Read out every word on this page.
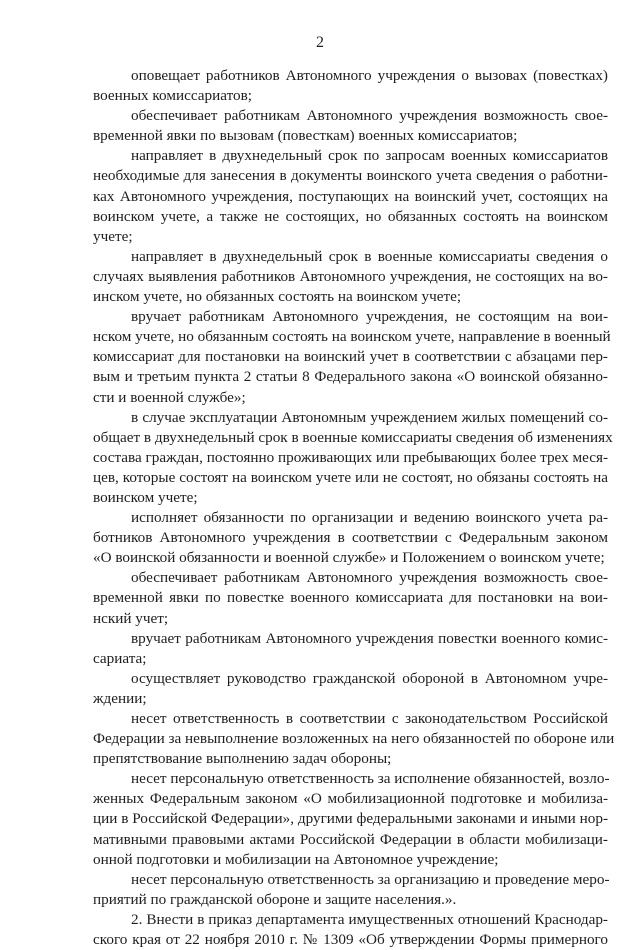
2
оповещает работников Автономного учреждения о вызовах (повестках)
военных комиссариатов;
обеспечивает работникам Автономного учреждения возможность свое-
временной явки по вызовам (повесткам) военных комиссариатов;
направляет в двухнедельный срок по запросам военных комиссариатов
необходимые для занесения в документы воинского учета сведения о работни-
ках Автономного учреждения, поступающих на воинский учет, состоящих на
воинском учете, а также не состоящих, но обязанных состоять на воинском
учете;
направляет в двухнедельный срок в военные комиссариаты сведения о
случаях выявления работников Автономного учреждения, не состоящих на во-
инском учете, но обязанных состоять на воинском учете;
вручает работникам Автономного учреждения, не состоящим на вои-
нском учете, но обязанным состоять на воинском учете, направление в военный
комиссариат для постановки на воинский учет в соответствии с абзацами пер-
вым и третьим пункта 2 статьи 8 Федерального закона «О воинской обязанно-
сти и военной службе»;
в случае эксплуатации Автономным учреждением жилых помещений со-
общает в двухнедельный срок в военные комиссариаты сведения об изменениях
состава граждан, постоянно проживающих или пребывающих более трех меся-
цев, которые состоят на воинском учете или не состоят, но обязаны состоять на
воинском учете;
исполняет обязанности по организации и ведению воинского учета ра-
ботников Автономного учреждения в соответствии с Федеральным законом
«О воинской обязанности и военной службе» и Положением о воинском учете;
обеспечивает работникам Автономного учреждения возможность свое-
временной явки по повестке военного комиссариата для постановки на вои-
нский учет;
вручает работникам Автономного учреждения повестки военного комис-
сариата;
осуществляет руководство гражданской обороной в Автономном учре-
ждении;
несет ответственность в соответствии с законодательством Российской
Федерации за невыполнение возложенных на него обязанностей по обороне или
препятствование выполнению задач обороны;
несет персональную ответственность за исполнение обязанностей, возло-
женных Федеральным законом «О мобилизационной подготовке и мобилиза-
ции в Российской Федерации», другими федеральными законами и иными нор-
мативными правовыми актами Российской Федерации в области мобилизаци-
онной подготовки и мобилизации на Автономное учреждение;
несет персональную ответственность за организацию и проведение меро-
приятий по гражданской обороне и защите населения.».
2. Внести в приказ департамента имущественных отношений Краснодар-
ского края от 22 ноября 2010 г. № 1309 «Об утверждении Формы примерного
